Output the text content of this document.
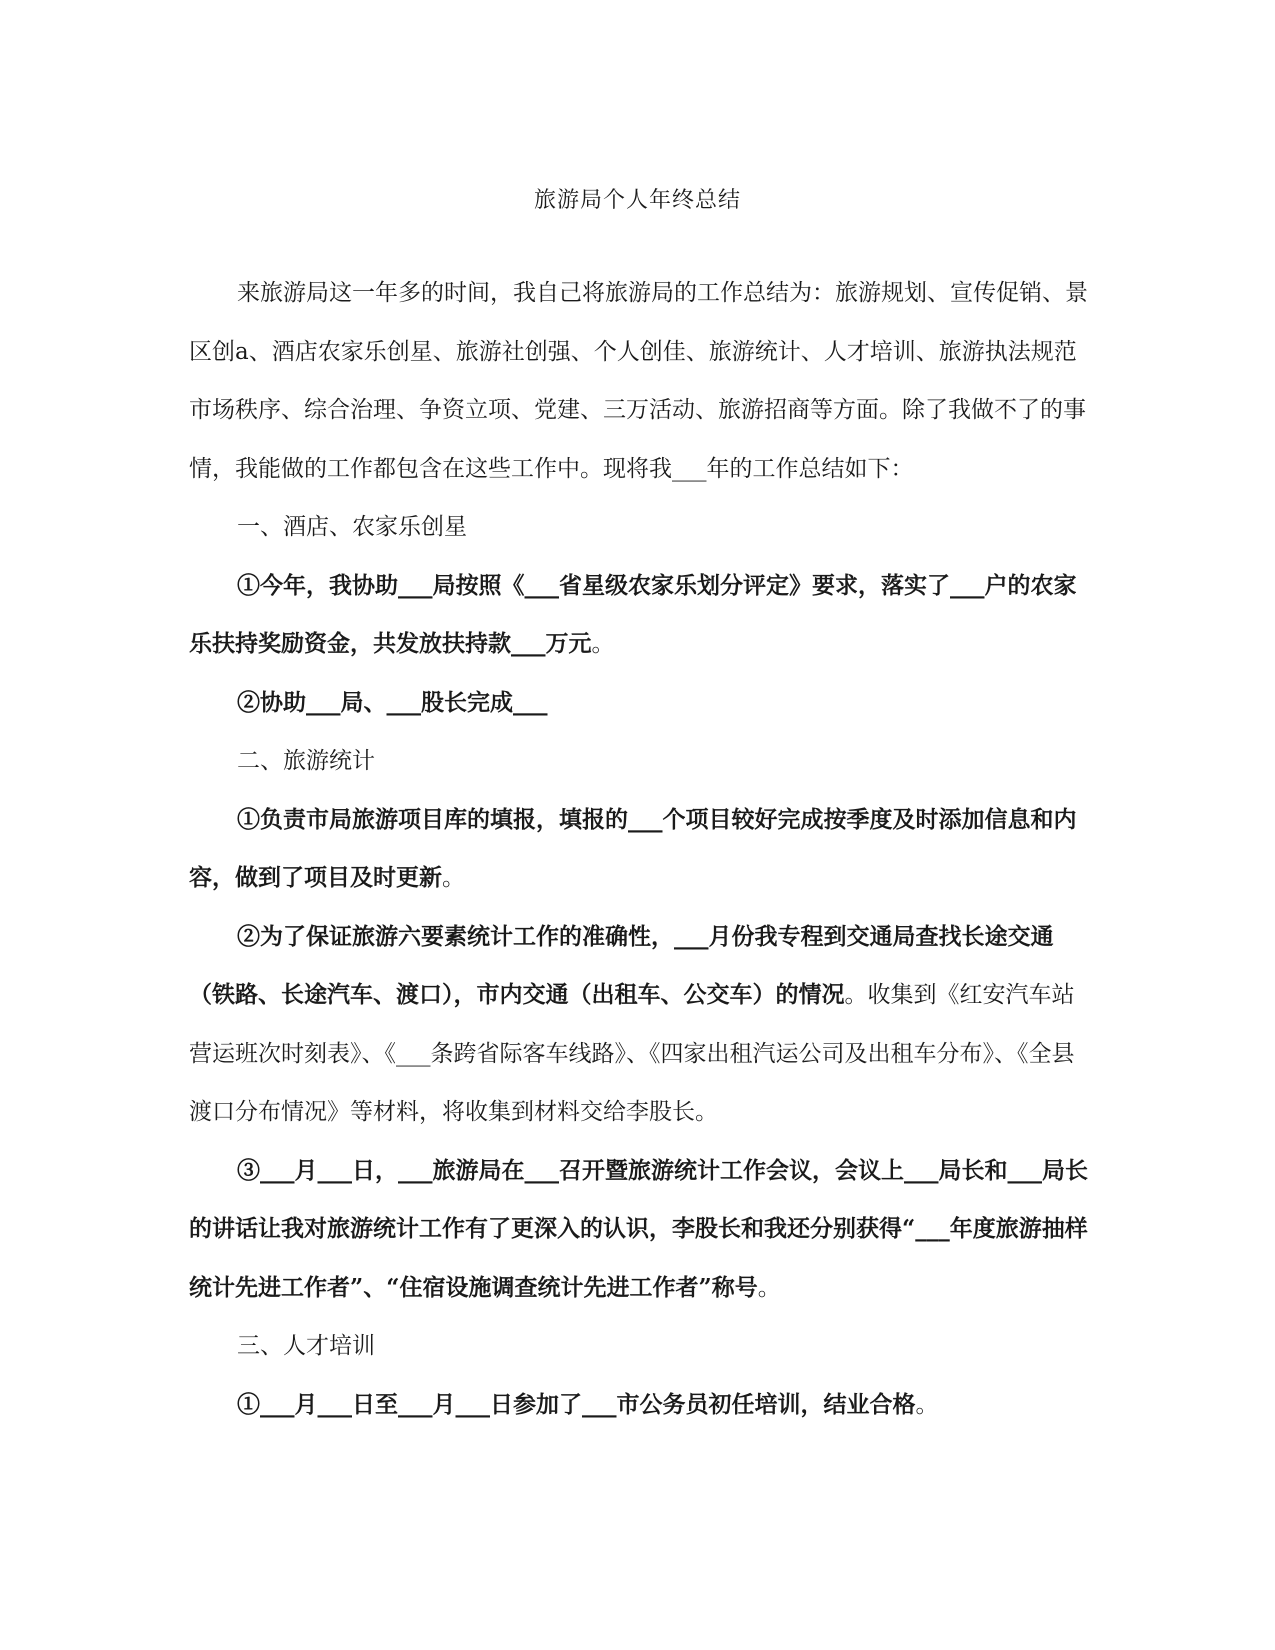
旅游局个人年终总结

来旅游局这一年多的时间，我自己将旅游局的工作总结为：旅游规划、宣传促销、景区创a、酒店农家乐创星、旅游社创强、个人创佳、旅游统计、人才培训、旅游执法规范市场秩序、综合治理、争资立项、党建、三万活动、旅游招商等方面。除了我做不了的事情，我能做的工作都包含在这些工作中。现将我___年的工作总结如下：

一、酒店、农家乐创星

①今年，我协助___局按照《___省星级农家乐划分评定》要求，落实了___户的农家乐扶持奖励资金，共发放扶持款___万元。

②协助___局、___股长完成___

二、旅游统计

①负责市局旅游项目库的填报，填报的___个项目较好完成按季度及时添加信息和内容，做到了项目及时更新。

②为了保证旅游六要素统计工作的准确性，___月份我专程到交通局查找长途交通（铁路、长途汽车、渡口），市内交通（出租车、公交车）的情况。收集到《红安汽车站营运班次时刻表》、《___条跨省际客车线路》、《四家出租汽运公司及出租车分布》、《全县渡口分布情况》等材料，将收集到材料交给李股长。

③___月___日，___旅游局在___召开暨旅游统计工作会议，会议上___局长和___局长的讲话让我对旅游统计工作有了更深入的认识，李股长和我还分别获得“___年度旅游抽样统计先进工作者”、“住宿设施调查统计先进工作者”称号。

三、人才培训

①___月___日至___月___日参加了___市公务员初任培训，结业合格。
